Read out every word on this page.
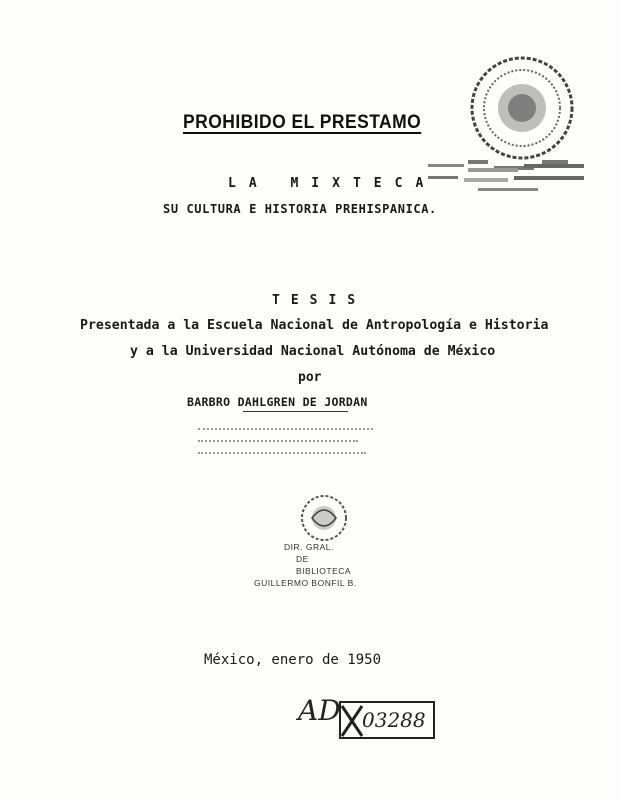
PROHIBIDO EL PRESTAMO
LA MIXTECA
SU CULTURA E HISTORIA PREHISPANICA.
TESIS
Presentada a la Escuela Nacional de Antropología e Historia
y a la Universidad Nacional Autónoma de México
por
BARBRO DAHLGREN DE JORDAN
DIR. GRAL.
DE
BIBLIOTECA
GUILLERMO BONFIL B.
México, enero de 1950
AD 03288
